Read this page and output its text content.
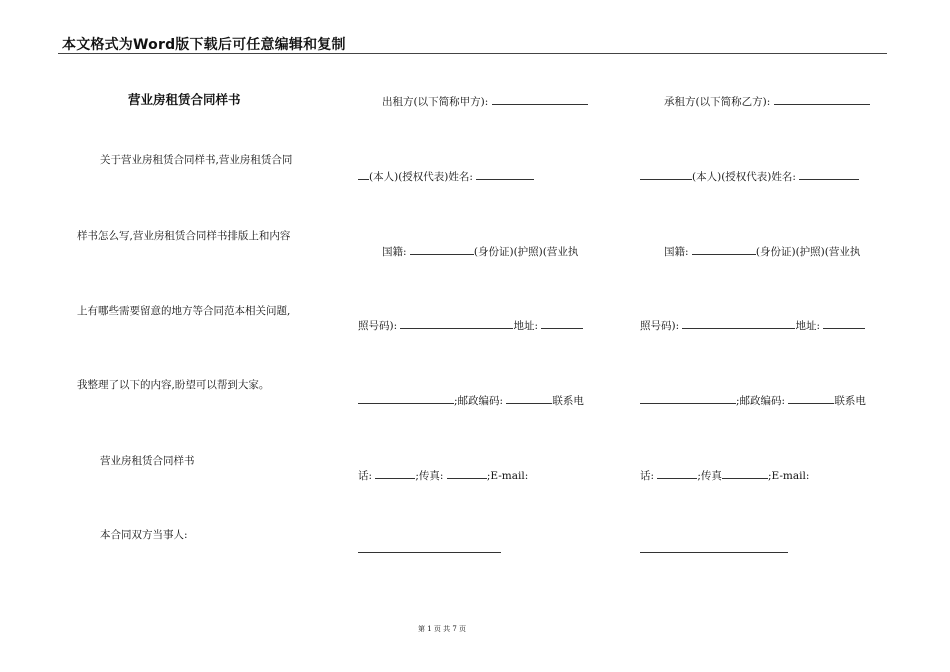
本文格式为Word版下载后可任意编辑和复制
营业房租赁合同样书
关于营业房租赁合同样书,营业房租赁合同
样书怎么写,营业房租赁合同样书排版上和内容
上有哪些需要留意的地方等合同范本相关问题,
我整理了以下的内容,盼望可以帮到大家。
营业房租赁合同样书
本合同双方当事人:
出租方(以下简称甲方):
(本人)(授权代表)姓名:
国籍:	(身份证)(护照)(营业执
照号码):	地址:
;邮政编码:	联系电
话:	;传真:	;E-mail:
承租方(以下简称乙方):
(本人)(授权代表)姓名:
国籍:	(身份证)(护照)(营业执
照号码):	地址:
;邮政编码:	联系电
话:	;传真	;E-mail:
第 1 页 共 7 页
